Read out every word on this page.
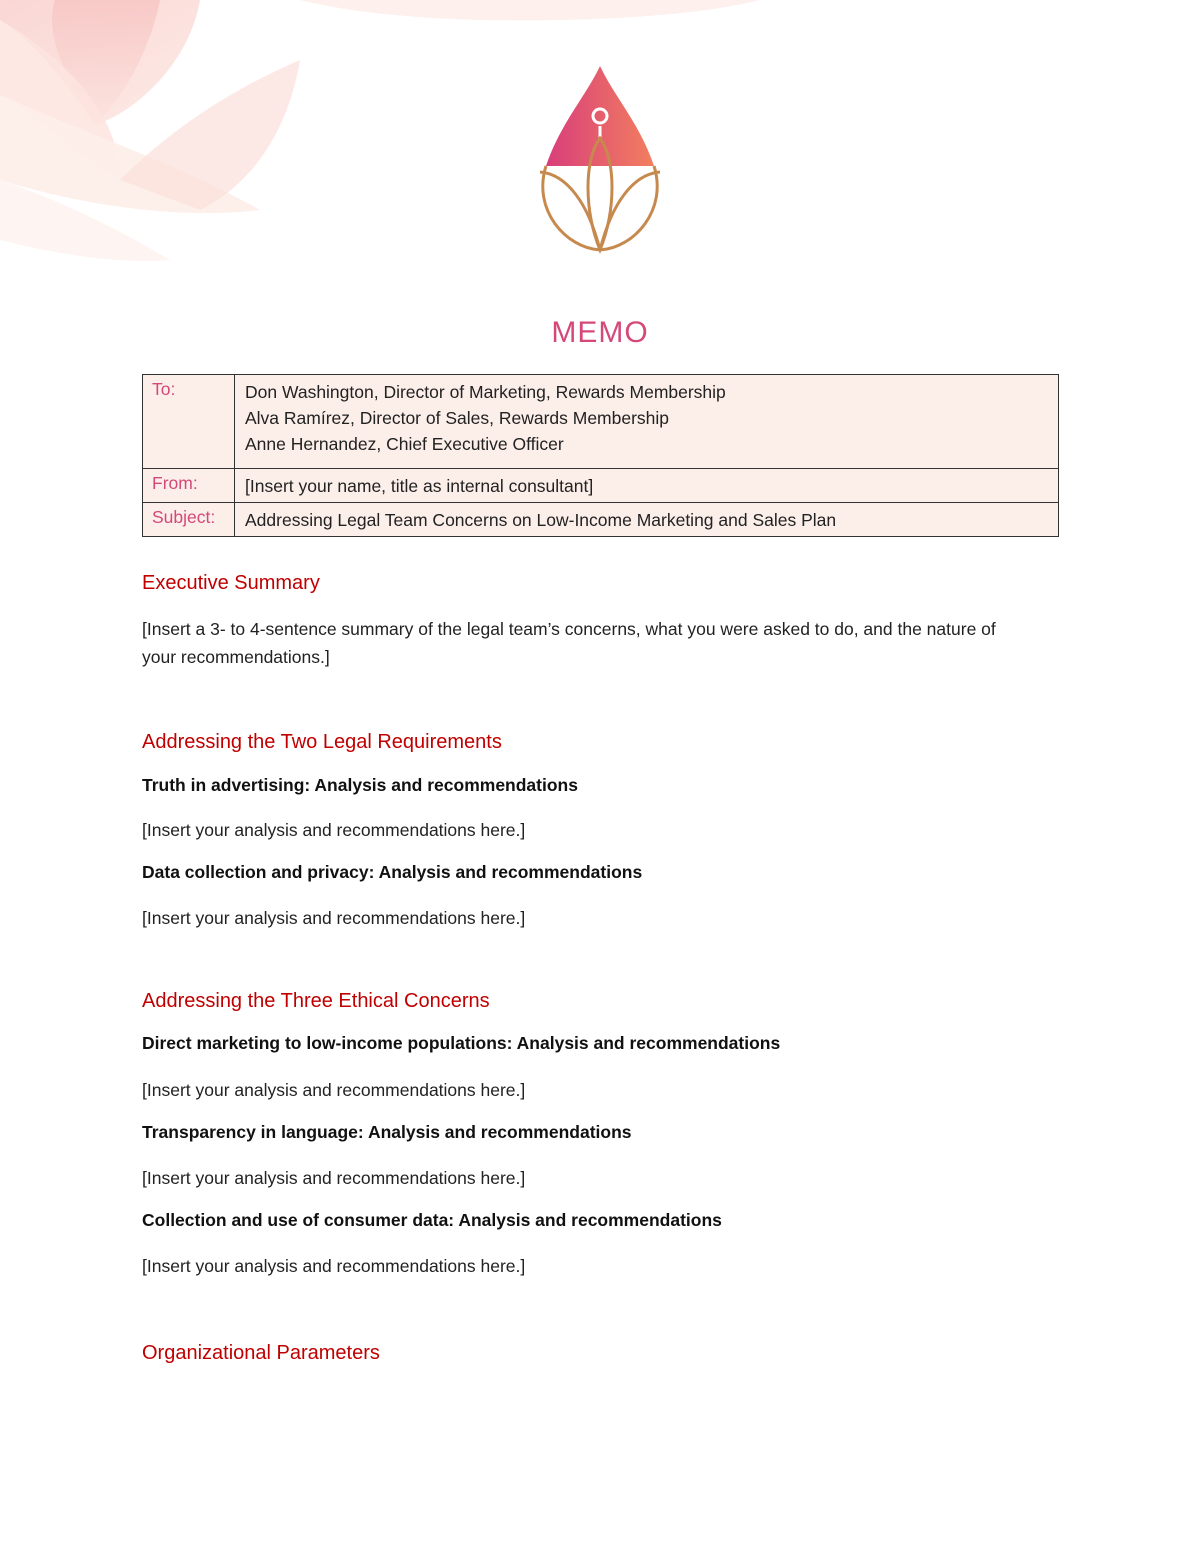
MEMO
To:	Don Washington, Director of Marketing, Rewards Membership
Alva Ramírez, Director of Sales, Rewards Membership
Anne Hernandez, Chief Executive Officer

From:	[Insert your name, title as internal consultant]
Subject:	Addressing Legal Team Concerns on Low-Income Marketing and Sales Plan
Executive Summary
[Insert a 3- to 4-sentence summary of the legal team’s concerns, what you were asked to do, and the nature of your recommendations.]
Addressing the Two Legal Requirements
Truth in advertising: Analysis and recommendations
[Insert your analysis and recommendations here.]
Data collection and privacy: Analysis and recommendations
[Insert your analysis and recommendations here.]
Addressing the Three Ethical Concerns
Direct marketing to low-income populations: Analysis and recommendations
[Insert your analysis and recommendations here.]
Transparency in language: Analysis and recommendations
[Insert your analysis and recommendations here.]
Collection and use of consumer data: Analysis and recommendations
[Insert your analysis and recommendations here.]
Organizational Parameters
